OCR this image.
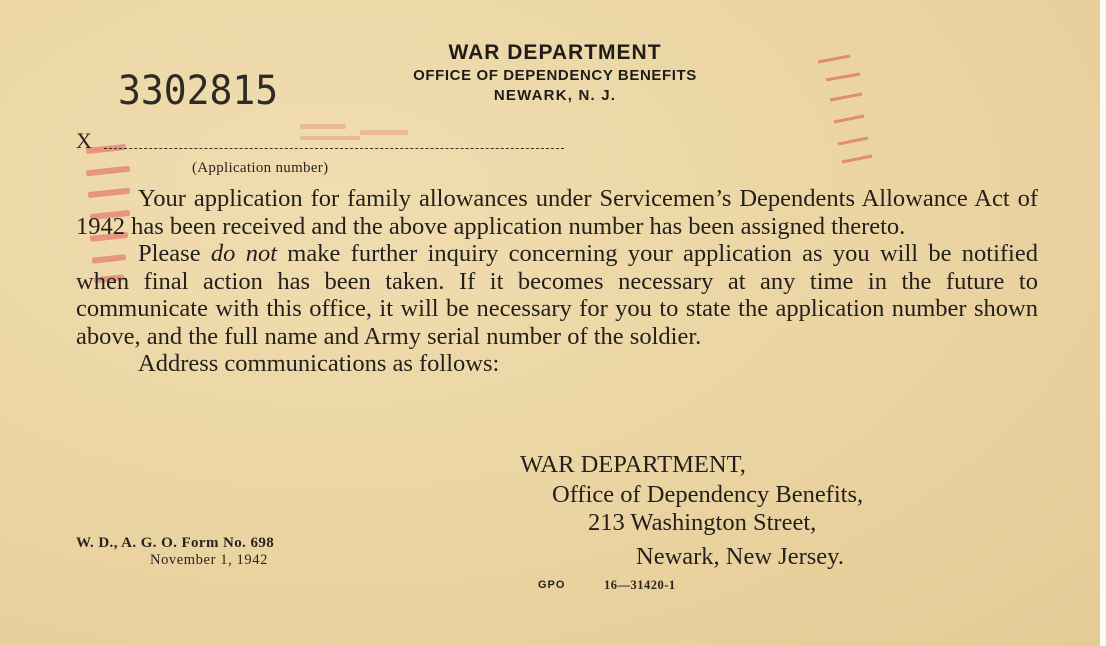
WAR DEPARTMENT
OFFICE OF DEPENDENCY BENEFITS
NEWARK, N. J.
3302815
X
(Application number)

Your application for family allowances under Servicemen’s Dependents Allowance Act of 1942 has been received and the above application number has been assigned thereto.

Please do not make further inquiry concerning your application as you will be notified when final action has been taken. If it becomes necessary at any time in the future to communicate with this office, it will be necessary for you to state the application number shown above, and the full name and Army serial number of the soldier.

Address communications as follows:

WAR DEPARTMENT,
Office of Dependency Benefits,
213 Washington Street,
Newark, New Jersey.
W. D., A. G. O. Form No. 698
November 1, 1942
GPO	16—31420-1
